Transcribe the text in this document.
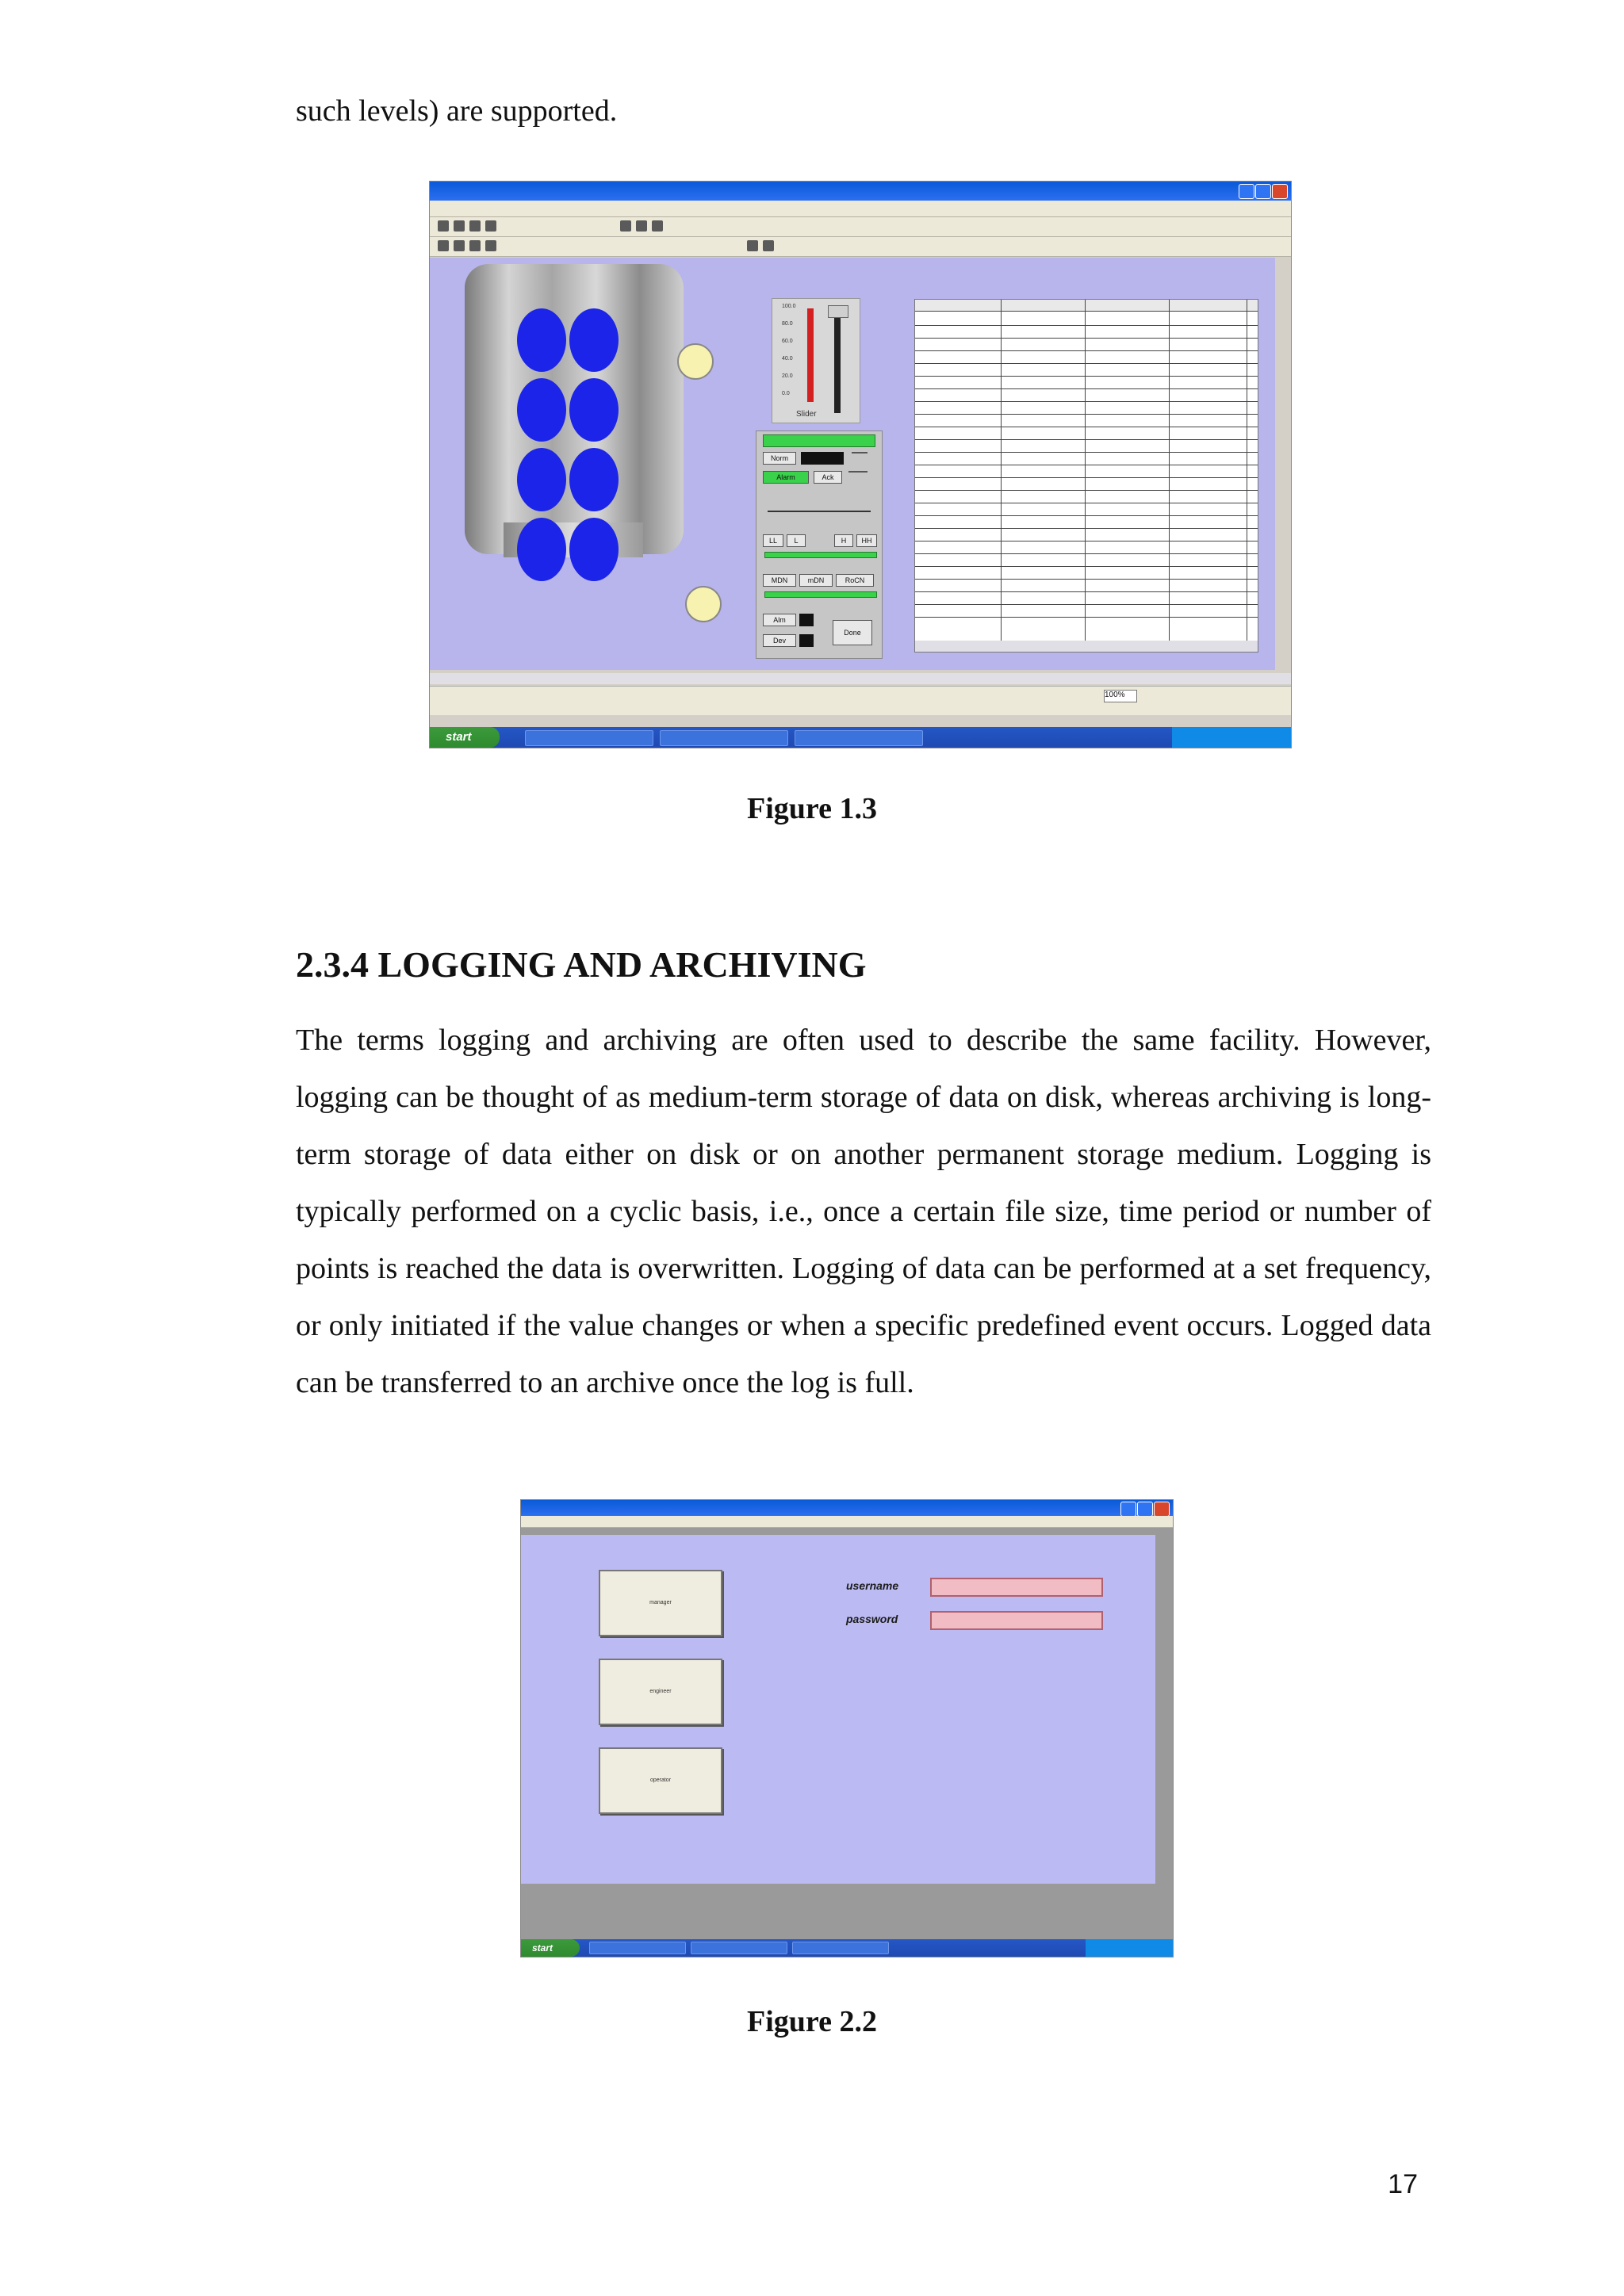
such levels) are supported.
100.0
80.0
60.0
40.0
20.0
0.0
Slider
Norm
Alarm	Ack
LL	L	H	HH
MDN	mDN	RoCN
Alm
Dev
Done
100%
start
Figure 1.3
2.3.4 LOGGING AND ARCHIVING
The terms logging and archiving are often used to describe the same facility. However, logging can be thought of as medium-term storage of data on disk, whereas archiving is long-term storage of data either on disk or on another permanent storage medium. Logging is typically performed on a cyclic basis, i.e., once a certain file size, time period or number of points is reached the data is overwritten. Logging of data can be performed at a set frequency, or only initiated if the value changes or when a specific predefined event occurs. Logged data can be transferred to an archive once the log is full.
manager
engineer
operator
username
password
start
Figure 2.2
17
